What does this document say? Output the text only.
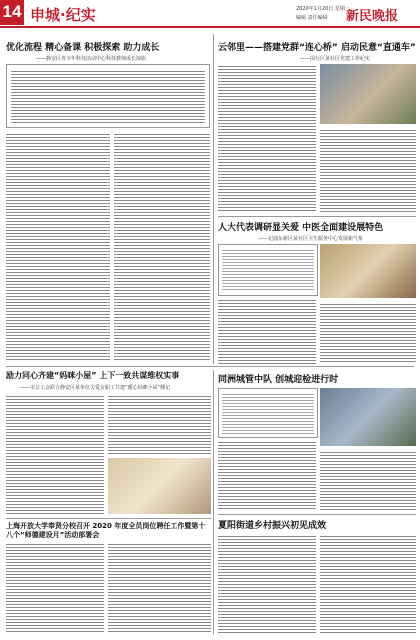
14 申城·纪实	2020年1月20日 星期一
编辑 责任编辑 新民晚报
优化流程 精心备课 积极探索 助力成长
——静安区青少年科技活动中心科技教师成长掠影
云邻里——搭建党群“连心桥” 启动民意“直通车”
——闵行区某社区党建工作纪实
人大代表调研显关爱 中医全面建设展特色
——记浦东新区某社区卫生服务中心发展新气象
励力同心齐建“妈咪小屋” 上下一致共谋维权实事
——市总工会联合静安区某单位关爱女职工共建“暖心妈咪小屋”侧记
同洲城管中队 创城迎检进行时
上海开放大学奉贤分校召开 2020 年度全员岗位聘任工作暨第十八个“师德建设月”活动部署会
夏阳街道乡村振兴初见成效
